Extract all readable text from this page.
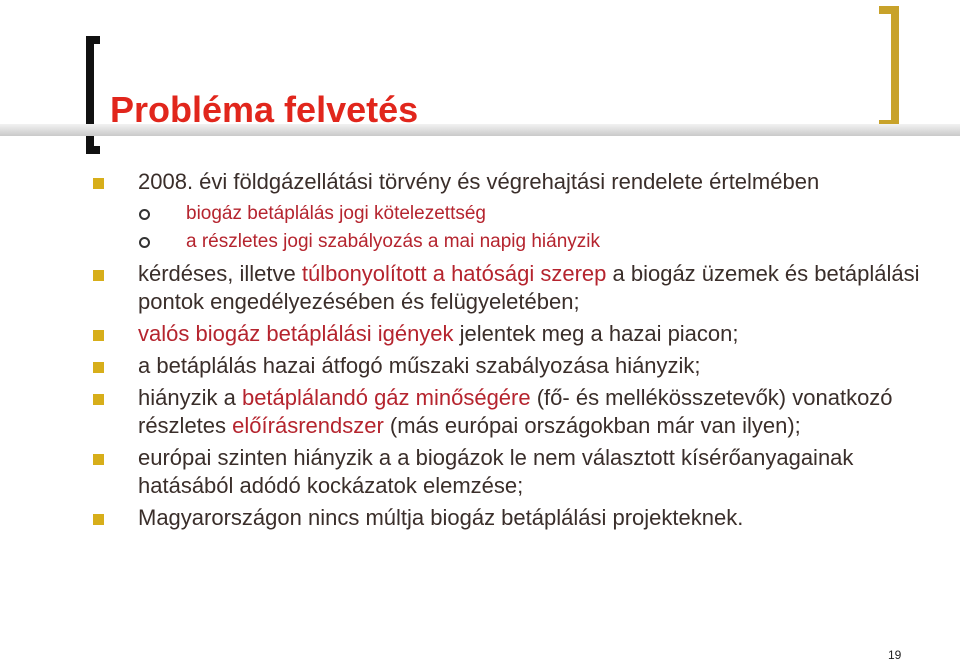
Probléma felvetés
2008. évi földgázellátási törvény és végrehajtási rendelete értelmében
biogáz betáplálás jogi kötelezettség
a részletes jogi szabályozás a mai napig hiányzik
kérdéses, illetve túlbonyolított a hatósági szerep a biogáz üzemek és betáplálási pontok engedélyezésében és felügyeletében;
valós biogáz betáplálási igények jelentek meg a hazai piacon;
a betáplálás hazai átfogó műszaki szabályozása hiányzik;
hiányzik a betáplálandó gáz minőségére (fő- és mellékösszetevők) vonatkozó részletes előírásrendszer (más európai országokban már van ilyen);
európai szinten hiányzik a a biogázok le nem választott kísérőanyagainak hatásából adódó kockázatok elemzése;
Magyarországon nincs múltja biogáz betáplálási projekteknek.
19
